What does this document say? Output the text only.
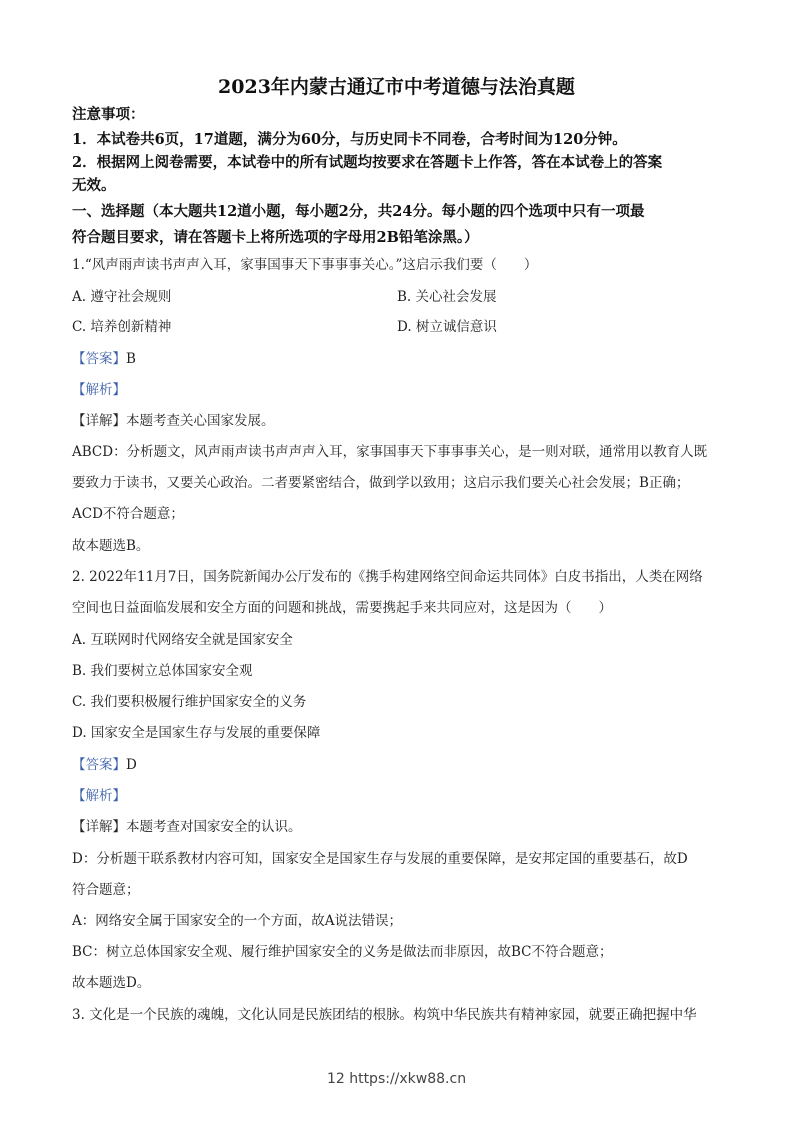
2023年内蒙古通辽市中考道德与法治真题
注意事项：
1．本试卷共6页，17道题，满分为60分，与历史同卡不同卷，合考时间为120分钟。
2．根据网上阅卷需要，本试卷中的所有试题均按要求在答题卡上作答，答在本试卷上的答案
无效。
一、选择题（本大题共12道小题，每小题2分，共24分。每小题的四个选项中只有一项最
符合题目要求，请在答题卡上将所选项的字母用2B铅笔涂黑。）
1.“风声雨声读书声声入耳，家事国事天下事事事关心。”这启示我们要（　　）
A. 遵守社会规则	B. 关心社会发展
C. 培养创新精神	D. 树立诚信意识
【答案】B
【解析】
【详解】本题考查关心国家发展。
ABCD：分析题文，风声雨声读书声声声入耳，家事国事天下事事事关心，是一则对联，通常用以教育人既
要致力于读书，又要关心政治。二者要紧密结合，做到学以致用；这启示我们要关心社会发展；B正确；
ACD不符合题意；
故本题选B。
2. 2022年11月7日，国务院新闻办公厅发布的《携手构建网络空间命运共同体》白皮书指出，人类在网络
空间也日益面临发展和安全方面的问题和挑战，需要携起手来共同应对，这是因为（　　）
A. 互联网时代网络安全就是国家安全
B. 我们要树立总体国家安全观
C. 我们要积极履行维护国家安全的义务
D. 国家安全是国家生存与发展的重要保障
【答案】D
【解析】
【详解】本题考查对国家安全的认识。
D：分析题干联系教材内容可知，国家安全是国家生存与发展的重要保障，是安邦定国的重要基石，故D
符合题意；
A：网络安全属于国家安全的一个方面，故A说法错误；
BC：树立总体国家安全观、履行维护国家安全的义务是做法而非原因，故BC不符合题意；
故本题选D。
3. 文化是一个民族的魂魄，文化认同是民族团结的根脉。构筑中华民族共有精神家园，就要正确把握中华
12 https://xkw88.cn
